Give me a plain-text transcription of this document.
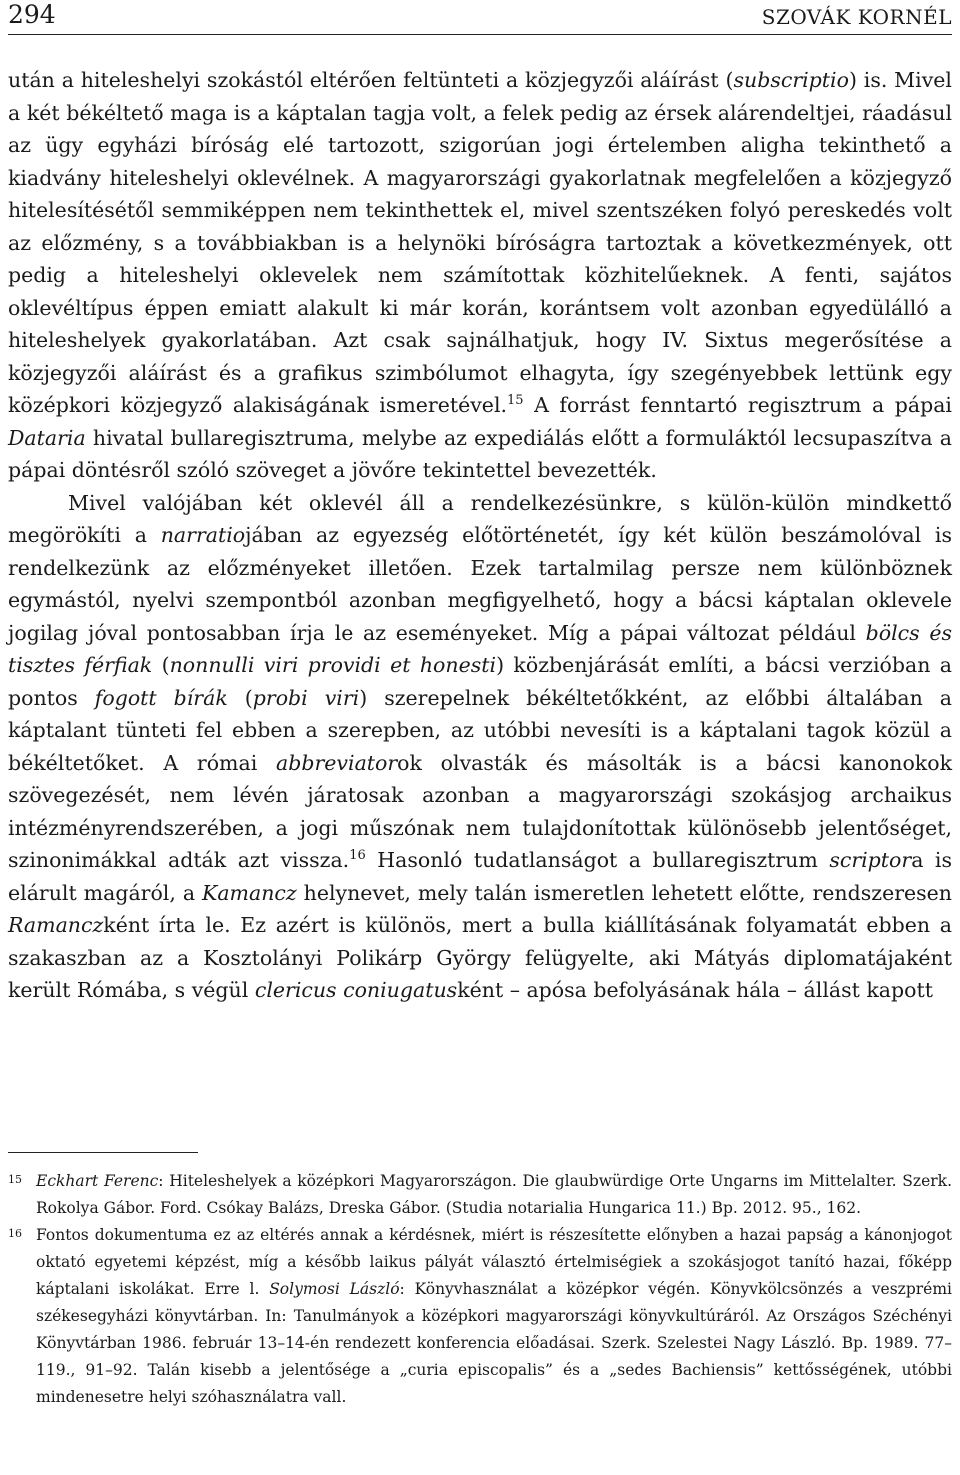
294	SZOVÁK KORNÉL

után a hiteleshelyi szokástól eltérően feltünteti a közjegyzői aláírást (subscriptio) is. Mivel a két békéltető maga is a káptalan tagja volt, a felek pedig az érsek alárendeltjei, ráadásul az ügy egyházi bíróság elé tartozott, szigorúan jogi értelemben aligha tekinthető a kiadvány hiteleshelyi oklevélnek. A magyarországi gyakorlatnak megfelelően a közjegyző hitelesítésétől semmiképpen nem tekinthettek el, mivel szentszéken folyó pereskedés volt az előzmény, s a továbbiakban is a helynöki bíróságra tartoztak a következmények, ott pedig a hiteleshelyi oklevelek nem számítottak közhitelűeknek. A fenti, sajátos oklevéltípus éppen emiatt alakult ki már korán, korántsem volt azonban egyedülálló a hiteleshelyek gyakorlatában. Azt csak sajnálhatjuk, hogy IV. Sixtus megerősítése a közjegyzői aláírást és a grafikus szimbólumot elhagyta, így szegényebbek lettünk egy középkori közjegyző alakiságának ismeretével.$^{15}$ A forrást fenntartó regisztrum a pápai Dataria hivatal bullaregisztruma, melybe az expediálás előtt a formuláktól lecsupaszítva a pápai döntésről szóló szöveget a jövőre tekintettel bevezették.

Mivel valójában két oklevél áll a rendelkezésünkre, s külön-külön mindkettő megörökíti a narratiojában az egyezség előtörténetét, így két külön beszámolóval is rendelkezünk az előzményeket illetően. Ezek tartalmilag persze nem különböznek egymástól, nyelvi szempontból azonban megfigyelhető, hogy a bácsi káptalan oklevele jogilag jóval pontosabban írja le az eseményeket. Míg a pápai változat például bölcs és tisztes férfiak (nonnulli viri providi et honesti) közbenjárását említi, a bácsi verzióban a pontos fogott bírák (probi viri) szerepelnek békéltetőkként, az előbbi általában a káptalant tünteti fel ebben a szerepben, az utóbbi nevesíti is a káptalani tagok közül a békéltetőket. A római abbreviatorok olvasták és másolták is a bácsi kanonokok szövegezését, nem lévén járatosak azonban a magyarországi szokásjog archaikus intézményrendszerében, a jogi műszónak nem tulajdonítottak különösebb jelentőséget, szinonimákkal adták azt vissza.$^{16}$ Hasonló tudatlanságot a bullaregisztrum scriptora is elárult magáról, a Kamancz helynevet, mely talán ismeretlen lehetett előtte, rendszeresen Ramanczként írta le. Ez azért is különös, mert a bulla kiállításának folyamatát ebben a szakaszban az a Kosztolányi Polikárp György felügyelte, aki Mátyás diplomatájaként került Rómába, s végül clericus coniugatusként – apósa befolyásának hála – állást kapott

15 Eckhart Ferenc: Hiteleshelyek a középkori Magyarországon. Die glaubwürdige Orte Ungarns im Mittelalter. Szerk. Rokolya Gábor. Ford. Csókay Balázs, Dreska Gábor. (Studia notarialia Hungarica 11.) Bp. 2012. 95., 162.
16 Fontos dokumentuma ez az eltérés annak a kérdésnek, miért is részesítette előnyben a hazai papság a kánonjogot oktató egyetemi képzést, míg a később laikus pályát választó értelmiségiek a szokásjogot tanító hazai, főképp káptalani iskolákat. Erre l. Solymosi László: Könyvhasználat a középkor végén. Könyvkölcsönzés a veszprémi székesegyházi könyvtárban. In: Tanulmányok a középkori magyarországi könyvkultúráról. Az Országos Széchényi Könyvtárban 1986. február 13–14-én rendezett konferencia előadásai. Szerk. Szelestei Nagy László. Bp. 1989. 77–119., 91–92. Talán kisebb a jelentősége a „curia episcopalis” és a „sedes Bachiensis” kettősségének, utóbbi mindenesetre helyi szóhasználatra vall.
